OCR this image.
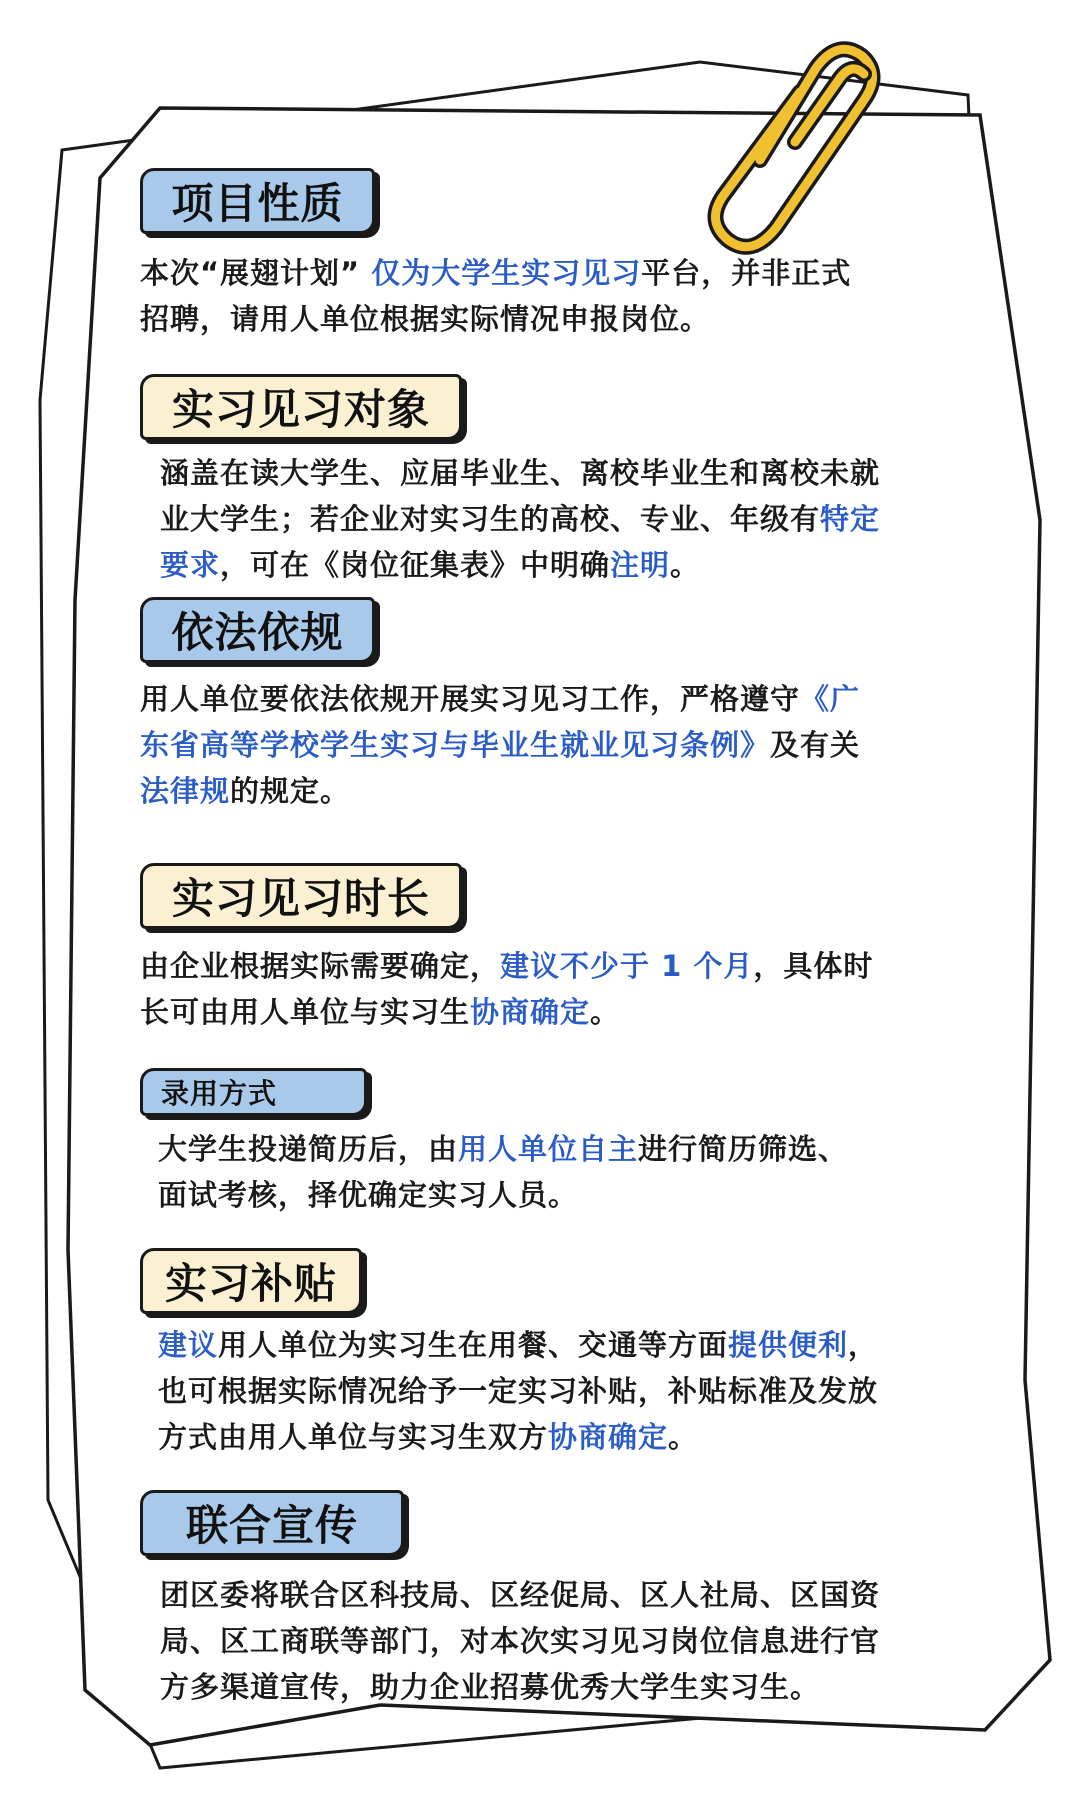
项目性质

本次“展翅计划” 仅为大学生实习见习平台，并非正式
招聘，请用人单位根据实际情况申报岗位。

实习见习对象

涵盖在读大学生、应届毕业生、离校毕业生和离校未就
业大学生；若企业对实习生的高校、专业、年级有特定
要求，可在《岗位征集表》中明确注明。

依法依规

用人单位要依法依规开展实习见习工作，严格遵守《广
东省高等学校学生实习与毕业生就业见习条例》及有关
法律规的规定。

实习见习时长

由企业根据实际需要确定，建议不少于 1 个月，具体时
长可由用人单位与实习生协商确定。

录用方式

大学生投递简历后，由用人单位自主进行简历筛选、
面试考核，择优确定实习人员。

实习补贴

建议用人单位为实习生在用餐、交通等方面提供便利，
也可根据实际情况给予一定实习补贴，补贴标准及发放
方式由用人单位与实习生双方协商确定。

联合宣传

团区委将联合区科技局、区经促局、区人社局、区国资
局、区工商联等部门，对本次实习见习岗位信息进行官
方多渠道宣传，助力企业招募优秀大学生实习生。
